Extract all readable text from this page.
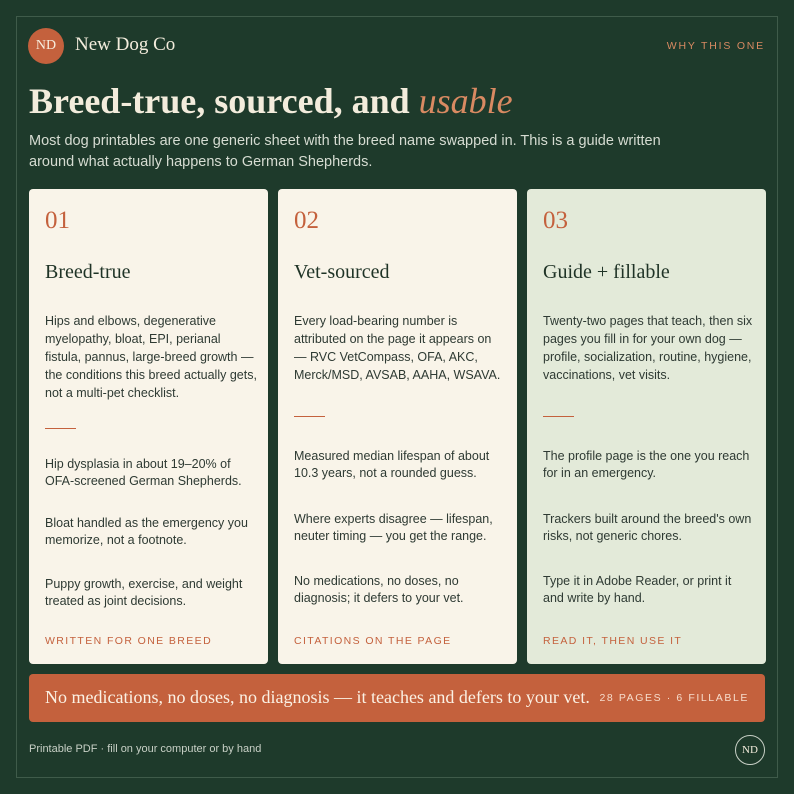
ND New Dog Co	WHY THIS ONE
Breed-true, sourced, and usable

Most dog printables are one generic sheet with the breed name swapped in. This is a guide written around what actually happens to German Shepherds.

01
Breed-true
Hips and elbows, degenerative myelopathy, bloat, EPI, perianal fistula, pannus, large-breed growth — the conditions this breed actually gets, not a multi-pet checklist.
Hip dysplasia in about 19–20% of OFA-screened German Shepherds.
Bloat handled as the emergency you memorize, not a footnote.
Puppy growth, exercise, and weight treated as joint decisions.
WRITTEN FOR ONE BREED
02
Vet-sourced
Every load-bearing number is attributed on the page it appears on — RVC VetCompass, OFA, AKC, Merck/MSD, AVSAB, AAHA, WSAVA.
Measured median lifespan of about 10.3 years, not a rounded guess.
Where experts disagree — lifespan, neuter timing — you get the range.
No medications, no doses, no diagnosis; it defers to your vet.
CITATIONS ON THE PAGE
03
Guide + fillable
Twenty-two pages that teach, then six pages you fill in for your own dog — profile, socialization, routine, hygiene, vaccinations, vet visits.
The profile page is the one you reach for in an emergency.
Trackers built around the breed's own risks, not generic chores.
Type it in Adobe Reader, or print it and write by hand.
READ IT, THEN USE IT
No medications, no doses, no diagnosis — it teaches and defers to your vet. 28 PAGES · 6 FILLABLE
Printable PDF · fill on your computer or by hand	ND
